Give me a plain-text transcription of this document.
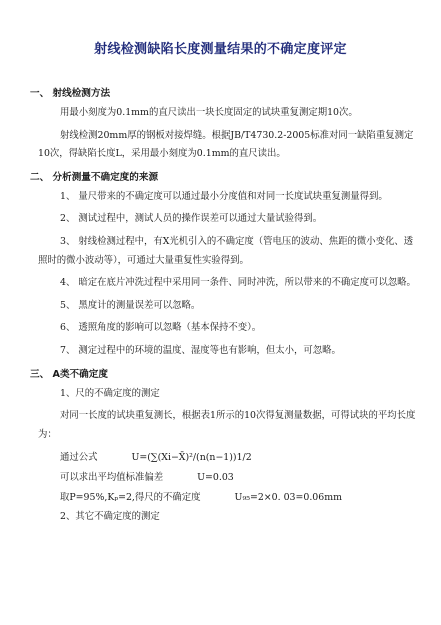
射线检测缺陷长度测量结果的不确定度评定
一、 射线检测方法

用最小刻度为0.1mm的直尺读出一块长度固定的试块重复测定期10次。

射线检测20mm厚的钢板对接焊缝。根据JB/T4730.2-2005标准对同一缺陷重复测定10次，得缺陷长度L，采用最小刻度为0.1mm的直尺读出。

二、 分析测量不确定度的来源

1、 量尺带来的不确定度可以通过最小分度值和对同一长度试块重复测量得到。

2、 测试过程中，测试人员的操作误差可以通过大量试验得到。

3、 射线检测过程中，有X光机引入的不确定度（管电压的波动、焦距的微小变化、透照时的微小波动等），可通过大量重复性实验得到。

4、 暗定在底片冲洗过程中采用同一条件、同时冲洗，所以带来的不确定度可以忽略。

5、 黑度计的测量误差可以忽略。

6、 透照角度的影响可以忽略（基本保持不变）。

7、 测定过程中的环境的温度、湿度等也有影响，但太小，可忽略。

三、 A类不确定度

1、尺的不确定度的测定

对同一长度的试块重复测长，根据表1所示的10次得复测量数据，可得试块的平均长度为：

通过公式	U=(∑(Xi−X̄)²/(n(n−1))1/2
可以求出平均值标准偏差	U=0.03
取P=95%,Kₚ=2,得尺的不确定度	U₉₅=2×0. 03=0.06mm

2、其它不确定度的测定
